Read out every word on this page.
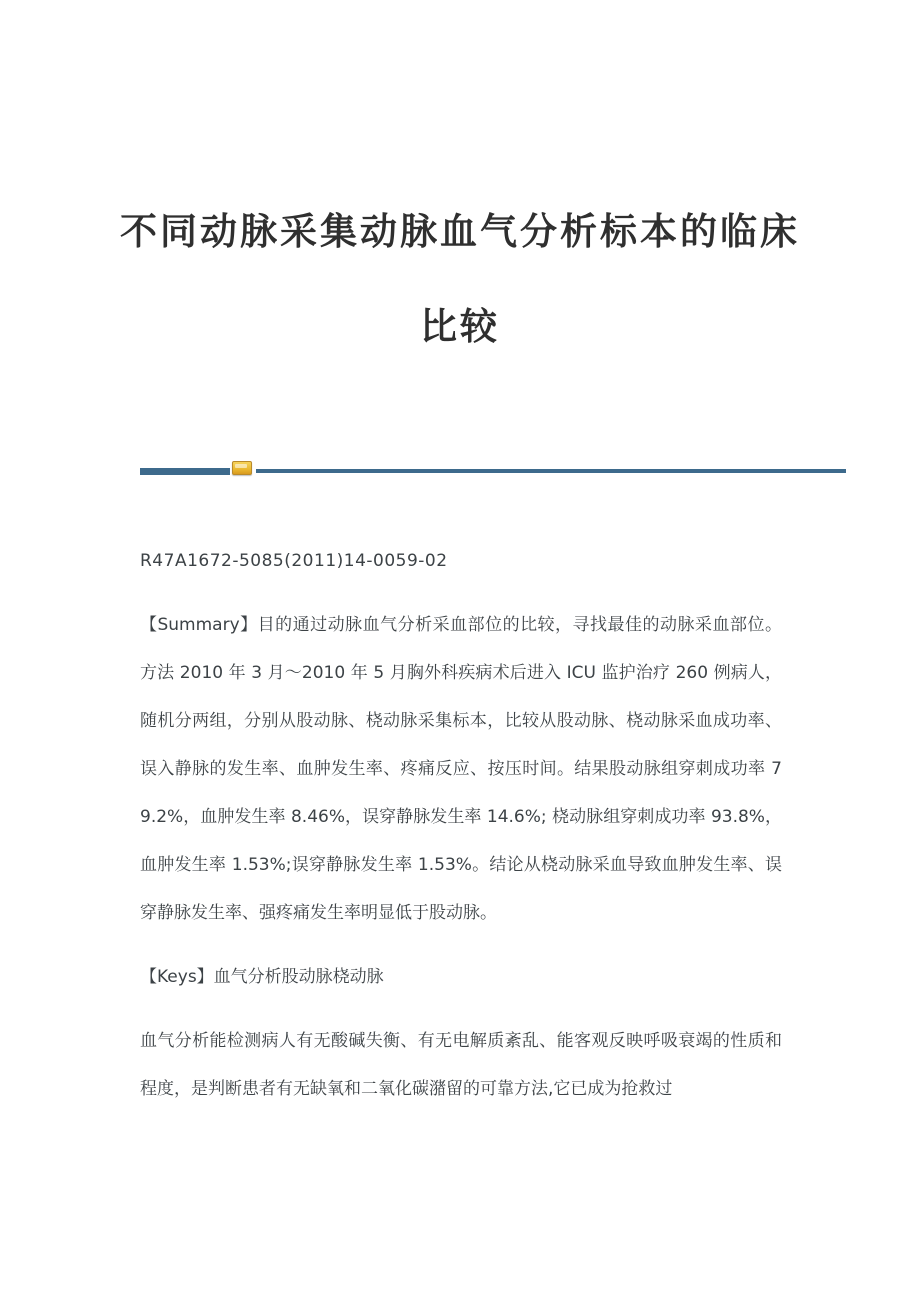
不同动脉采集动脉血气分析标本的临床
比较

R47A1672-5085(2011)14-0059-02

【Summary】目的通过动脉血气分析采血部位的比较，寻找最佳的动脉采血部位。方法 2010 年 3 月～2010 年 5 月胸外科疾病术后进入 ICU 监护治疗 260 例病人，随机分两组，分别从股动脉、桡动脉采集标本，比较从股动脉、桡动脉采血成功率、误入静脉的发生率、血肿发生率、疼痛反应、按压时间。结果股动脉组穿刺成功率 79.2%，血肿发生率 8.46%，误穿静脉发生率 14.6%; 桡动脉组穿刺成功率 93.8%，血肿发生率 1.53%;误穿静脉发生率 1.53%。结论从桡动脉采血导致血肿发生率、误穿静脉发生率、强疼痛发生率明显低于股动脉。

【Keys】血气分析股动脉桡动脉

血气分析能检测病人有无酸碱失衡、有无电解质紊乱、能客观反映呼吸衰竭的性质和程度，是判断患者有无缺氧和二氧化碳潴留的可靠方法,它已成为抢救过
